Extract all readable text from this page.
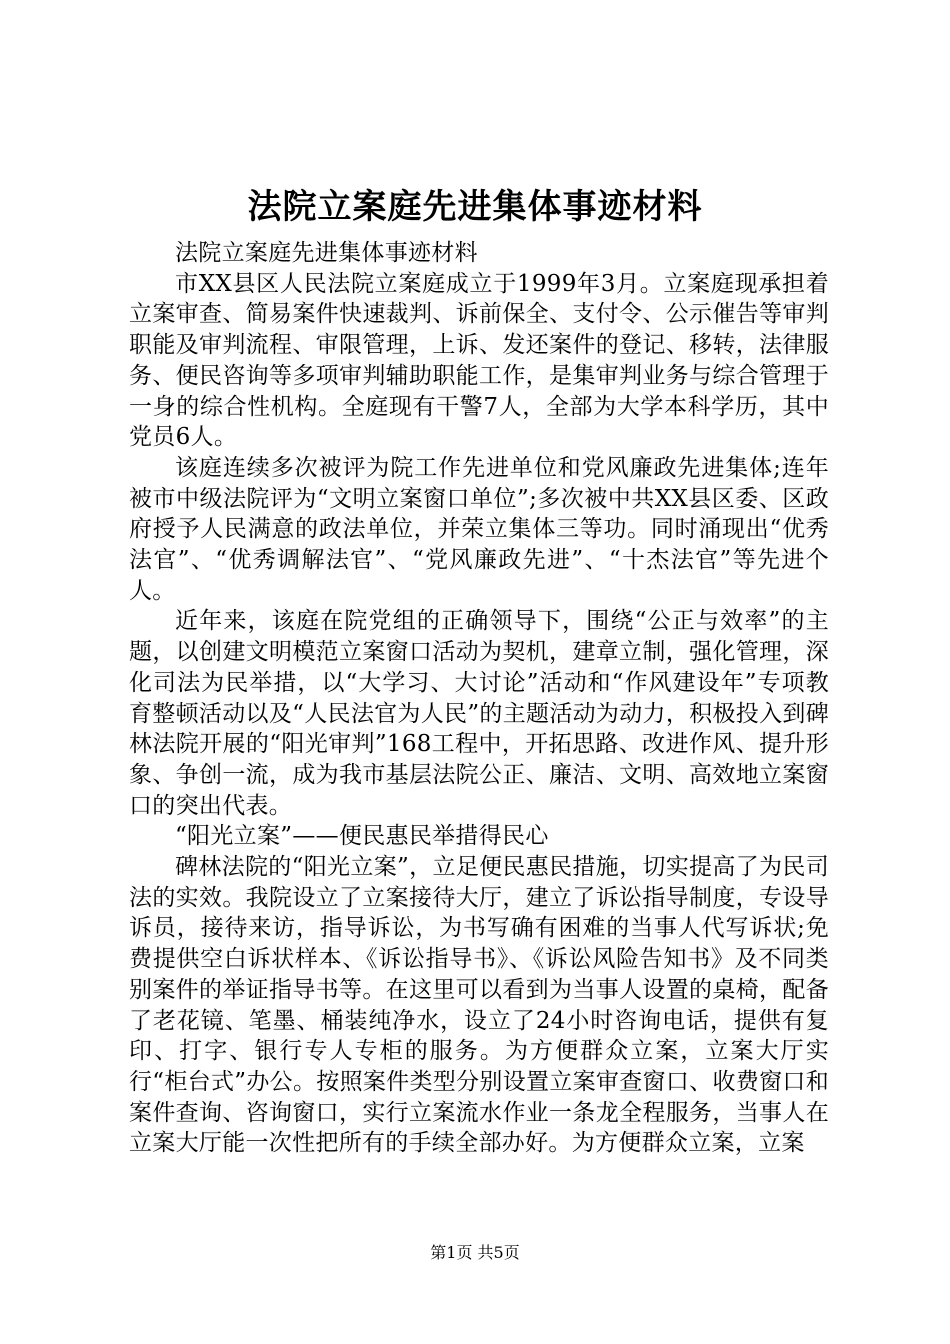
法院立案庭先进集体事迹材料

法院立案庭先进集体事迹材料

市XX县区人民法院立案庭成立于1999年3月。立案庭现承担着立案审查、简易案件快速裁判、诉前保全、支付令、公示催告等审判职能及审判流程、审限管理，上诉、发还案件的登记、移转，法律服务、便民咨询等多项审判辅助职能工作，是集审判业务与综合管理于一身的综合性机构。全庭现有干警7人，全部为大学本科学历，其中党员6人。

该庭连续多次被评为院工作先进单位和党风廉政先进集体;连年被市中级法院评为“文明立案窗口单位”;多次被中共XX县区委、区政府授予人民满意的政法单位，并荣立集体三等功。同时涌现出“优秀法官”、“优秀调解法官”、“党风廉政先进”、“十杰法官”等先进个人。

近年来，该庭在院党组的正确领导下，围绕“公正与效率”的主题，以创建文明模范立案窗口活动为契机，建章立制，强化管理，深化司法为民举措，以“大学习、大讨论”活动和“作风建设年”专项教育整顿活动以及“人民法官为人民”的主题活动为动力，积极投入到碑林法院开展的“阳光审判”168工程中，开拓思路、改进作风、提升形象、争创一流，成为我市基层法院公正、廉洁、文明、高效地立案窗口的突出代表。

“阳光立案”——便民惠民举措得民心

碑林法院的“阳光立案”，立足便民惠民措施，切实提高了为民司法的实效。我院设立了立案接待大厅，建立了诉讼指导制度，专设导诉员，接待来访，指导诉讼，为书写确有困难的当事人代写诉状;免费提供空白诉状样本、《诉讼指导书》、《诉讼风险告知书》及不同类别案件的举证指导书等。在这里可以看到为当事人设置的桌椅，配备了老花镜、笔墨、桶装纯净水，设立了24小时咨询电话，提供有复印、打字、银行专人专柜的服务。为方便群众立案，立案大厅实行“柜台式”办公。按照案件类型分别设置立案审查窗口、收费窗口和案件查询、咨询窗口，实行立案流水作业一条龙全程服务，当事人在立案大厅能一次性把所有的手续全部办好。为方便群众立案，立案

第1页 共5页
